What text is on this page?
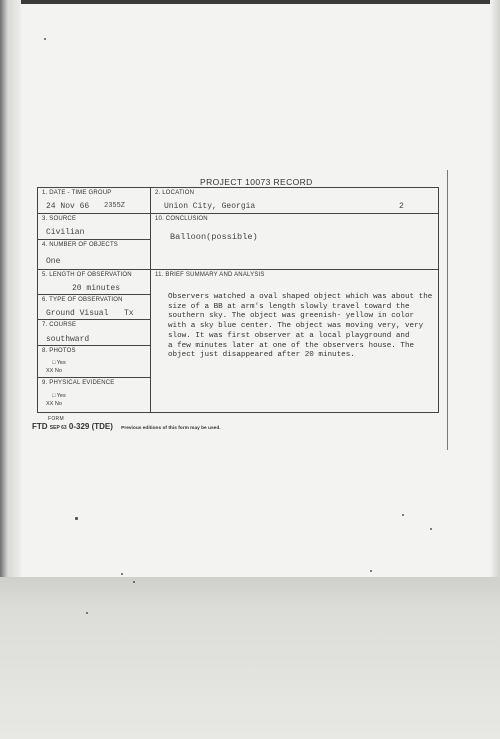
PROJECT 10073 RECORD
1. DATE - TIME GROUP
24 Nov 66 2355Z
3. SOURCE
Civilian
4. NUMBER OF OBJECTS
One
5. LENGTH OF OBSERVATION
20 minutes
6. TYPE OF OBSERVATION
Ground Visual Tx
7. COURSE
southward
8. PHOTOS
□ Yes
XX No
9. PHYSICAL EVIDENCE
□ Yes
XX No
2. LOCATION
Union City, Georgia	2
10. CONCLUSION
Balloon(possible)
11. BRIEF SUMMARY AND ANALYSIS
Observers watched a oval shaped object which was about the
size of a BB at arm's length slowly travel toward the
southern sky. The object was greenish- yellow in color
with a sky blue center. The object was moving very, very
slow. It was first observer at a local playground and
a few minutes later at one of the observers house. The
object just disappeared after 20 minutes.
FORM
FTD SEP 63 0-329 (TDE) Previous editions of this form may be used.
